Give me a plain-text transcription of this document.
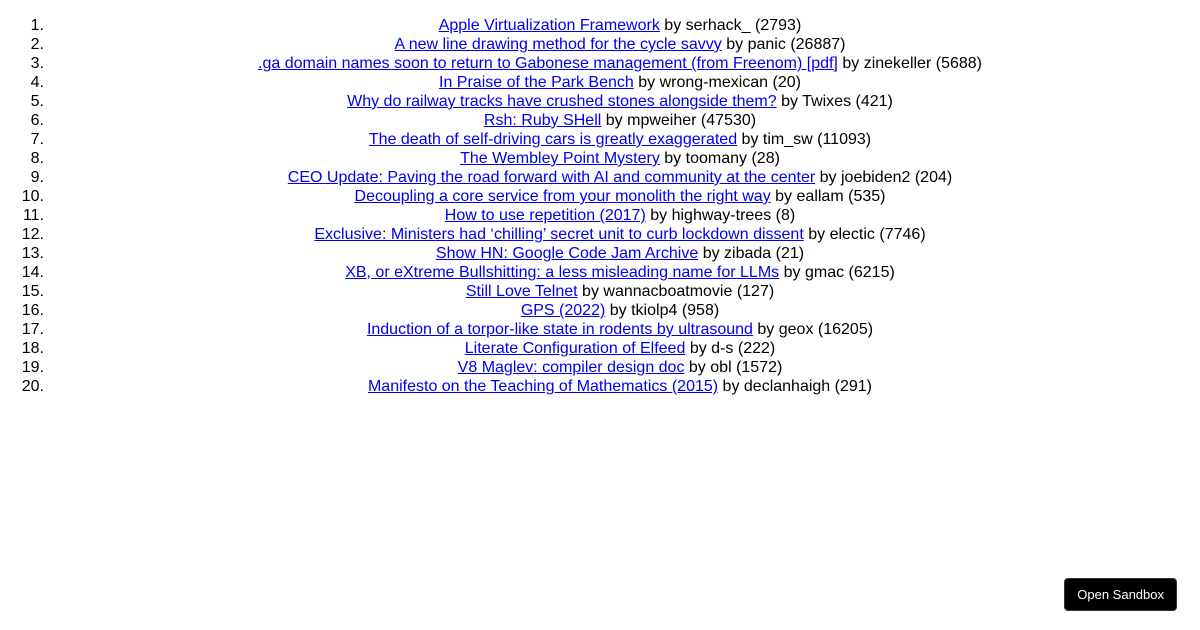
1.	Apple Virtualization Framework by serhack_ (2793)
2.	A new line drawing method for the cycle savvy by panic (26887)
3.	.ga domain names soon to return to Gabonese management (from Freenom) [pdf] by zinekeller (5688)
4.	In Praise of the Park Bench by wrong-mexican (20)
5.	Why do railway tracks have crushed stones alongside them? by Twixes (421)
6.	Rsh: Ruby SHell by mpweiher (47530)
7.	The death of self-driving cars is greatly exaggerated by tim_sw (11093)
8.	The Wembley Point Mystery by toomany (28)
9.	CEO Update: Paving the road forward with AI and community at the center by joebiden2 (204)
10.	Decoupling a core service from your monolith the right way by eallam (535)
11.	How to use repetition (2017) by highway-trees (8)
12.	Exclusive: Ministers had ‘chilling’ secret unit to curb lockdown dissent by electic (7746)
13.	Show HN: Google Code Jam Archive by zibada (21)
14.	XB, or eXtreme Bullshitting: a less misleading name for LLMs by gmac (6215)
15.	Still Love Telnet by wannacboatmovie (127)
16.	GPS (2022) by tkiolp4 (958)
17.	Induction of a torpor-like state in rodents by ultrasound by geox (16205)
18.	Literate Configuration of Elfeed by d-s (222)
19.	V8 Maglev: compiler design doc by obl (1572)
20.	Manifesto on the Teaching of Mathematics (2015) by declanhaigh (291)
Open Sandbox
